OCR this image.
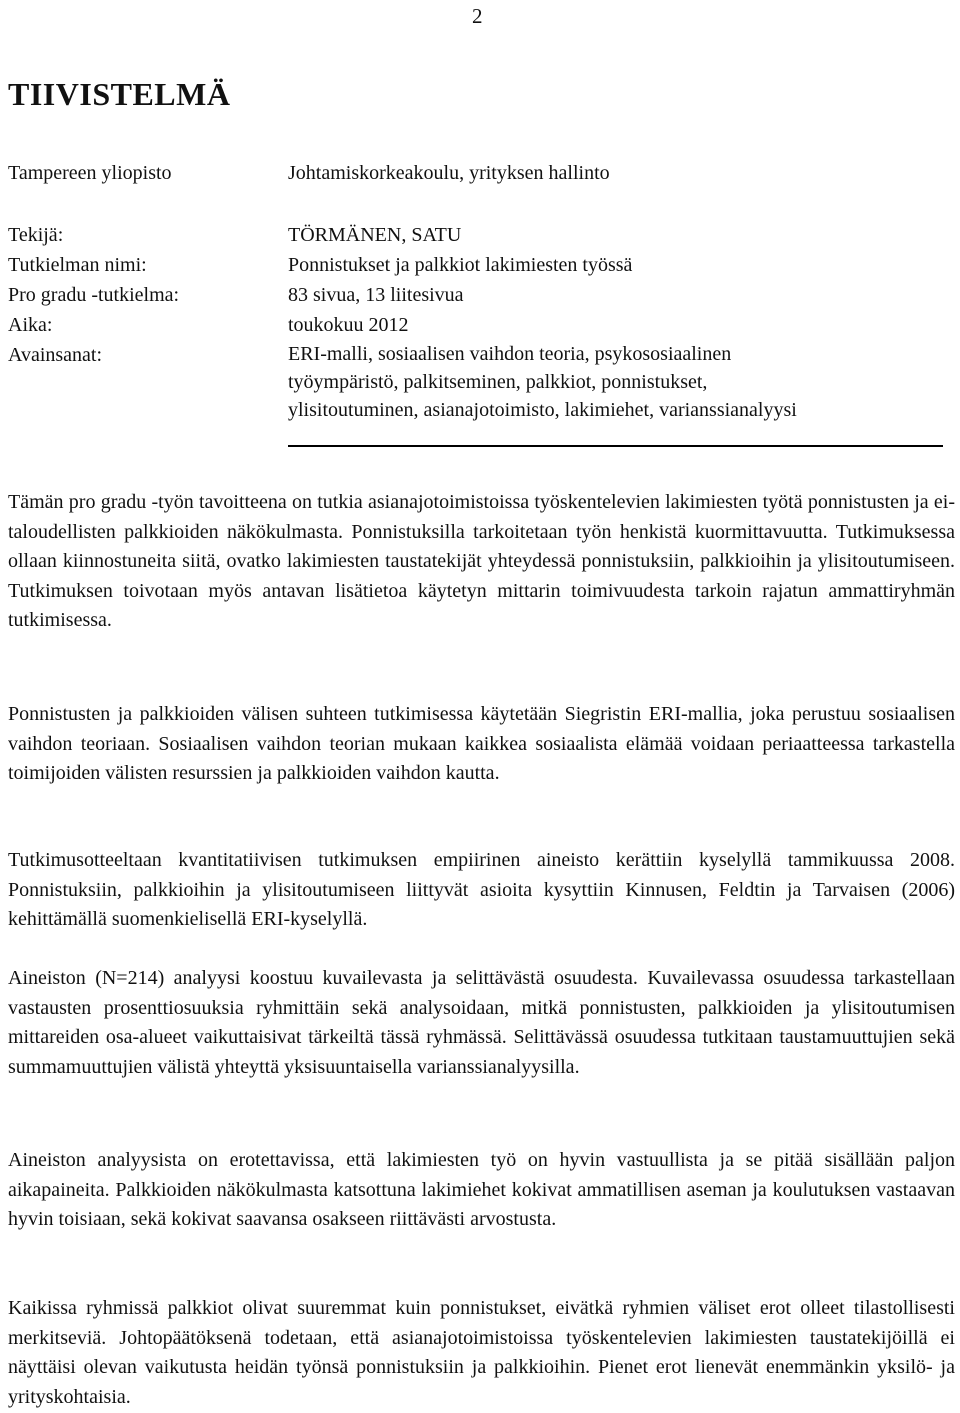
2
TIIVISTELMÄ
Tampereen yliopisto	Johtamiskorkeakoulu, yrityksen hallinto
Tekijä:	TÖRMÄNEN, SATU
Tutkielman nimi:	Ponnistukset ja palkkiot lakimiesten työssä
Pro gradu -tutkielma:	83 sivua, 13 liitesivua
Aika:	toukokuu 2012
Avainsanat:	ERI-malli, sosiaalisen vaihdon teoria, psykososiaalinen
työympäristö, palkitseminen, palkkiot, ponnistukset,
ylisitoutuminen, asianajotoimisto, lakimiehet, varianssianalyysi

Tämän pro gradu -työn tavoitteena on tutkia asianajotoimistoissa työskentelevien lakimiesten työtä ponnistusten ja ei-taloudellisten palkkioiden näkökulmasta. Ponnistuksilla tarkoitetaan työn henkistä kuormittavuutta. Tutkimuksessa ollaan kiinnostuneita siitä, ovatko lakimiesten taustatekijät yhteydessä ponnistuksiin, palkkioihin ja ylisitoutumiseen. Tutkimuksen toivotaan myös antavan lisätietoa käytetyn mittarin toimivuudesta tarkoin rajatun ammattiryhmän tutkimisessa.

Ponnistusten ja palkkioiden välisen suhteen tutkimisessa käytetään Siegristin ERI-mallia, joka perustuu sosiaalisen vaihdon teoriaan. Sosiaalisen vaihdon teorian mukaan kaikkea sosiaalista elämää voidaan periaatteessa tarkastella toimijoiden välisten resurssien ja palkkioiden vaihdon kautta.

Tutkimusotteeltaan kvantitatiivisen tutkimuksen empiirinen aineisto kerättiin kyselyllä tammikuussa 2008. Ponnistuksiin, palkkioihin ja ylisitoutumiseen liittyvät asioita kysyttiin Kinnusen, Feldtin ja Tarvaisen (2006) kehittämällä suomenkielisellä ERI-kyselyllä.

Aineiston (N=214) analyysi koostuu kuvailevasta ja selittävästä osuudesta. Kuvailevassa osuudessa tarkastellaan vastausten prosenttiosuuksia ryhmittäin sekä analysoidaan, mitkä ponnistusten, palkkioiden ja ylisitoutumisen mittareiden osa-alueet vaikuttaisivat tärkeiltä tässä ryhmässä. Selittävässä osuudessa tutkitaan taustamuuttujien sekä summamuuttujien välistä yhteyttä yksisuuntaisella varianssianalyysilla.

Aineiston analyysista on erotettavissa, että lakimiesten työ on hyvin vastuullista ja se pitää sisällään paljon aikapaineita. Palkkioiden näkökulmasta katsottuna lakimiehet kokivat ammatillisen aseman ja koulutuksen vastaavan hyvin toisiaan, sekä kokivat saavansa osakseen riittävästi arvostusta.

Kaikissa ryhmissä palkkiot olivat suuremmat kuin ponnistukset, eivätkä ryhmien väliset erot olleet tilastollisesti merkitseviä. Johtopäätöksenä todetaan, että asianajotoimistoissa työskentelevien lakimiesten taustatekijöillä ei näyttäisi olevan vaikutusta heidän työnsä ponnistuksiin ja palkkioihin. Pienet erot lienevät enemmänkin yksilö- ja yrityskohtaisia.
